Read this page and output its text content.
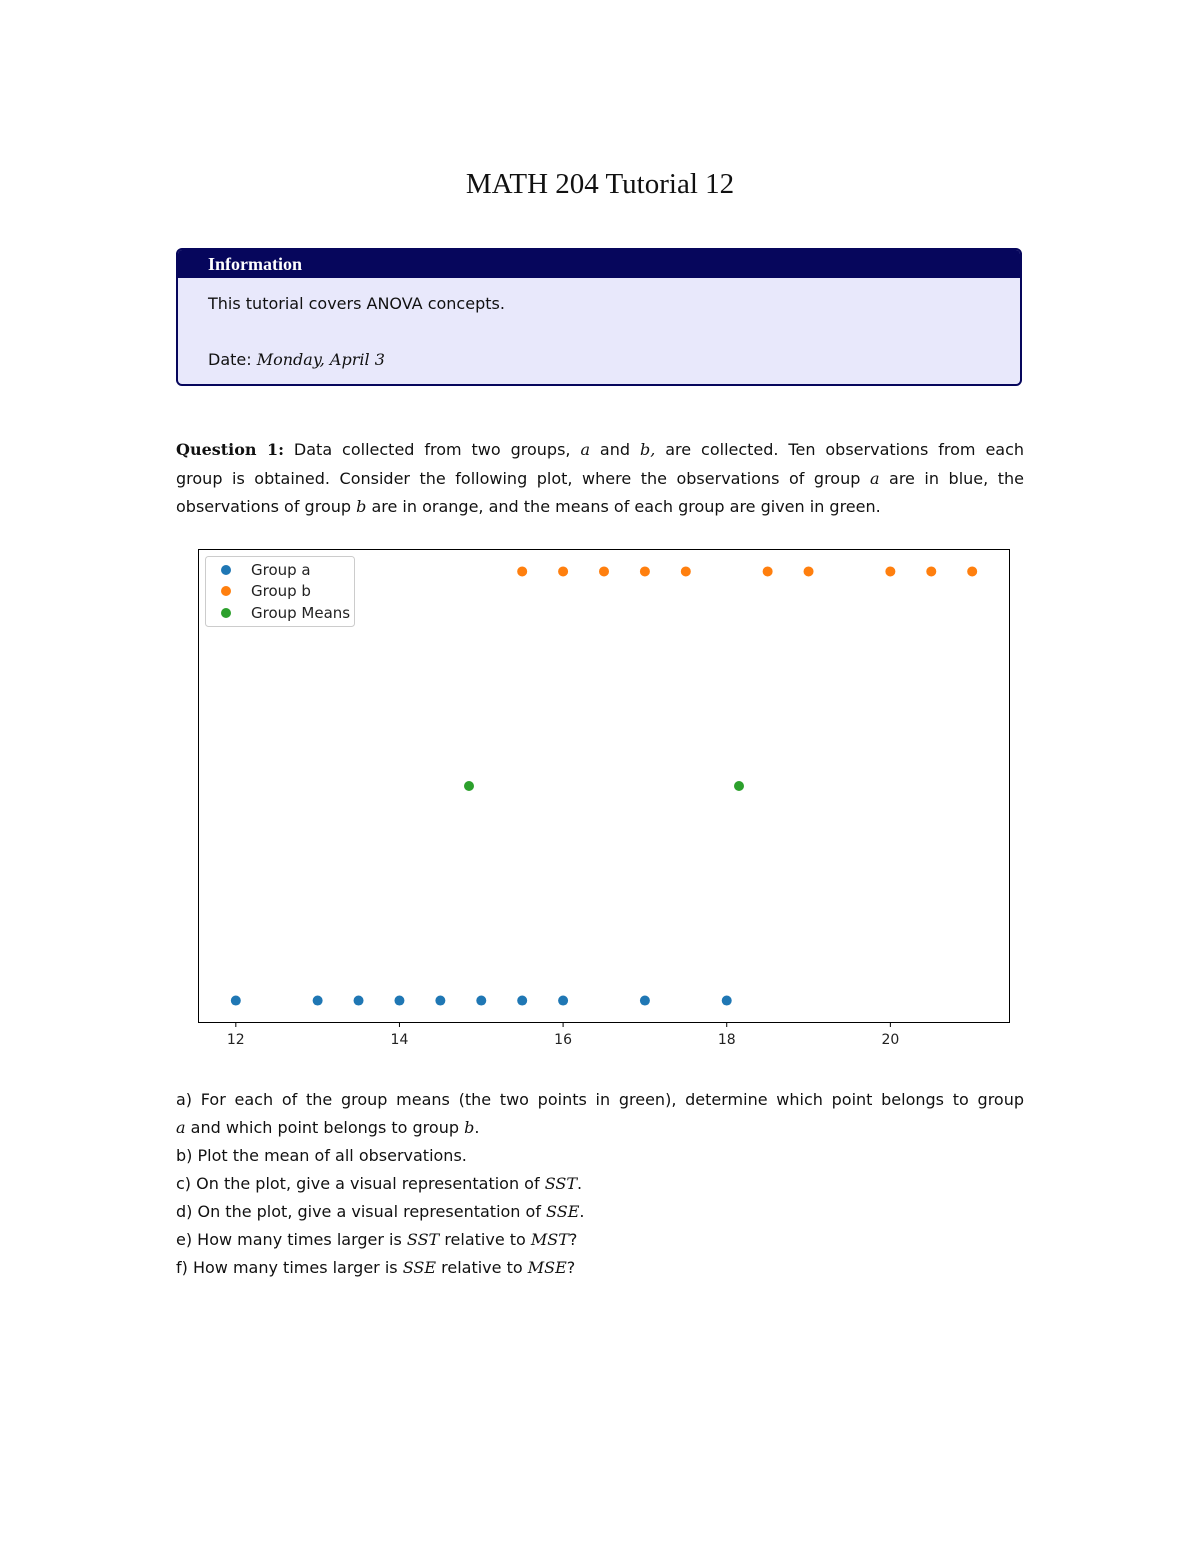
MATH 204 Tutorial 12
Information
This tutorial covers ANOVA concepts.
Date: Monday, April 3
Question 1: Data collected from two groups, a and b, are collected. Ten observations from each
group is obtained. Consider the following plot, where the observations of group a are in blue, the
observations of group b are in orange, and the means of each group are given in green.
12	14	16	18	20
Group a
Group b
Group Means
a) For each of the group means (the two points in green), determine which point belongs to group
a and which point belongs to group b.
b) Plot the mean of all observations.
c) On the plot, give a visual representation of SST.
d) On the plot, give a visual representation of SSE.
e) How many times larger is SST relative to MST?
f) How many times larger is SSE relative to MSE?
